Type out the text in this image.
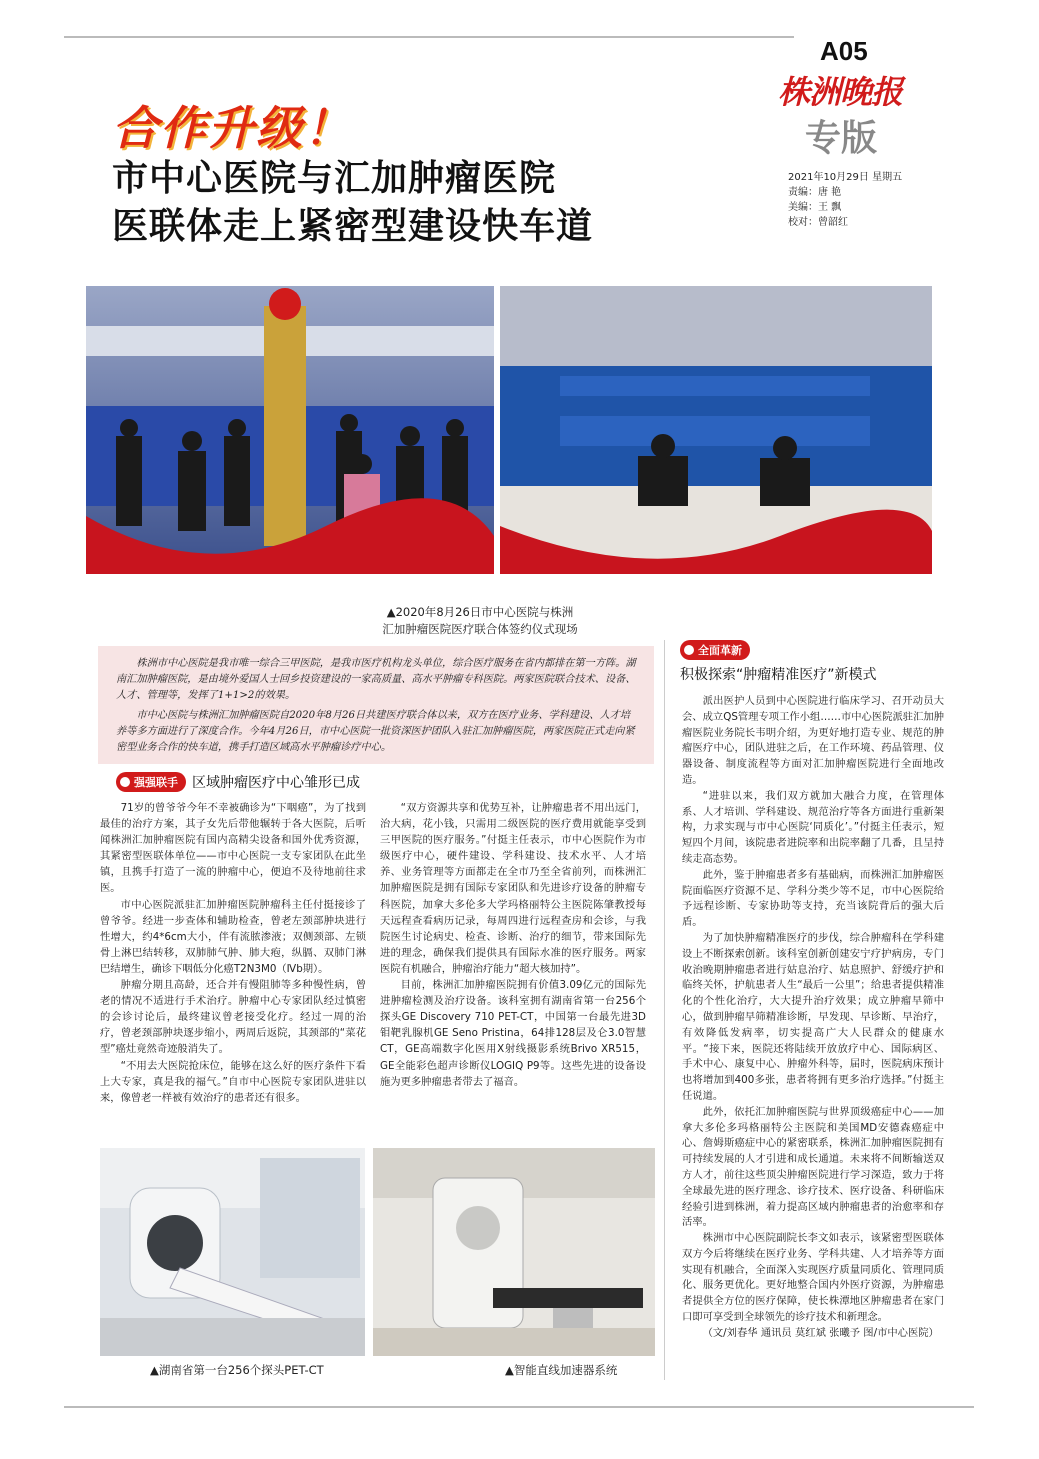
A05
株洲晚报
专版
2021年10月29日 星期五
责编：唐 艳
美编：王 飘
校对：曾韶红
合作升级！
市中心医院与汇加肿瘤医院
医联体走上紧密型建设快车道
▲2020年8月26日市中心医院与株洲
汇加肿瘤医院医疗联合体签约仪式现场

株洲市中心医院是我市唯一综合三甲医院，是我市医疗机构龙头单位，综合医疗服务在省内都排在第一方阵。湖南汇加肿瘤医院，是由境外爱国人士回乡投资建设的一家高质量、高水平肿瘤专科医院。两家医院联合技术、设备、人才、管理等，发挥了1+1>2的效果。

市中心医院与株洲汇加肿瘤医院自2020年8月26日共建医疗联合体以来，双方在医疗业务、学科建设、人才培养等多方面进行了深度合作。今年4月26日，市中心医院一批资深医护团队入驻汇加肿瘤医院，两家医院正式走向紧密型业务合作的快车道，携手打造区域高水平肿瘤诊疗中心。

强强联手 区域肿瘤医疗中心雏形已成

71岁的曾爷爷今年不幸被确诊为“下咽癌”，为了找到最佳的治疗方案，其子女先后带他辗转于各大医院，后听闻株洲汇加肿瘤医院有国内高精尖设备和国外优秀资源，其紧密型医联体单位——市中心医院一支专家团队在此坐镇，且携手打造了一流的肿瘤中心，便迫不及待地前往求医。

市中心医院派驻汇加肿瘤医院肿瘤科主任付挺接诊了曾爷爷。经进一步查体和辅助检查，曾老左颈部肿块进行性增大，约4*6cm大小，伴有流脓渗液；双侧颈部、左锁骨上淋巴结转移，双肺肺气肿、肺大疱，纵膈、双肺门淋巴结增生，确诊下咽低分化癌T2N3M0（Ⅳb期）。

肿瘤分期且高龄，还合并有慢阻肺等多种慢性病，曾老的情况不适进行手术治疗。肿瘤中心专家团队经过慎密的会诊讨论后，最终建议曾老接受化疗。经过一周的治疗，曾老颈部肿块逐步缩小，两周后返院，其颈部的“菜花型”癌灶竟然奇迹般消失了。

“不用去大医院抢床位，能够在这么好的医疗条件下看上大专家，真是我的福气。”自市中心医院专家团队进驻以来，像曾老一样被有效治疗的患者还有很多。

“双方资源共享和优势互补，让肿瘤患者不用出远门，治大病，花小钱，只需用二级医院的医疗费用就能享受到三甲医院的医疗服务。”付挺主任表示，市中心医院作为市级医疗中心，硬件建设、学科建设、技术水平、人才培养、业务管理等方面都走在全市乃至全省前列，而株洲汇加肿瘤医院是拥有国际专家团队和先进诊疗设备的肿瘤专科医院，加拿大多伦多大学玛格丽特公主医院陈肇教授每天远程查看病历记录，每周四进行远程查房和会诊，与我院医生讨论病史、检查、诊断、治疗的细节，带来国际先进的理念，确保我们提供具有国际水准的医疗服务。两家医院有机融合，肿瘤治疗能力“超大核加持”。

目前，株洲汇加肿瘤医院拥有价值3.09亿元的国际先进肿瘤检测及治疗设备。该科室拥有湖南省第一台256个探头GE Discovery 710 PET-CT，中国第一台最先进3D钼靶乳腺机GE Seno Pristina，64排128层及仑3.0智慧CT，GE高端数字化医用X射线摄影系统Brivo XR515，GE全能彩色超声诊断仪LOGIQ P9等。这些先进的设备设施为更多肿瘤患者带去了福音。

▲湖南省第一台256个探头PET-CT	▲智能直线加速器系统
全面革新
积极探索“肿瘤精准医疗”新模式

派出医护人员到中心医院进行临床学习、召开动员大会、成立QS管理专项工作小组……市中心医院派驻汇加肿瘤医院业务院长韦明介绍，为更好地打造专业、规范的肿瘤医疗中心，团队进驻之后，在工作环境、药品管理、仪器设备、制度流程等方面对汇加肿瘤医院进行全面地改造。

“进驻以来，我们双方就加大融合力度，在管理体系、人才培训、学科建设、规范治疗等各方面进行重新架构，力求实现与市中心医院‘同质化’。”付挺主任表示，短短四个月间，该院患者进院率和出院率翻了几番，且呈持续走高态势。

此外，鉴于肿瘤患者多有基础病，而株洲汇加肿瘤医院面临医疗资源不足、学科分类少等不足，市中心医院给予远程诊断、专家协助等支持，充当该院背后的强大后盾。

为了加快肿瘤精准医疗的步伐，综合肿瘤科在学科建设上不断探索创新。该科室创新创建安宁疗护病房，专门收治晚期肿瘤患者进行姑息治疗、姑息照护、舒缓疗护和临终关怀，护航患者人生“最后一公里”；给患者提供精准化的个性化治疗，大大提升治疗效果；成立肿瘤早筛中心，做到肿瘤早筛精准诊断，早发现、早诊断、早治疗，有效降低发病率，切实提高广大人民群众的健康水平。“接下来，医院还将陆续开放放疗中心、国际病区、手术中心、康复中心、肿瘤外科等，届时，医院病床预计也将增加到400多张，患者将拥有更多治疗选择。”付挺主任说道。

此外，依托汇加肿瘤医院与世界顶级癌症中心——加拿大多伦多玛格丽特公主医院和美国MD安德森癌症中心、詹姆斯癌症中心的紧密联系，株洲汇加肿瘤医院拥有可持续发展的人才引进和成长通道。未来将不间断输送双方人才，前往这些顶尖肿瘤医院进行学习深造，致力于将全球最先进的医疗理念、诊疗技术、医疗设备、科研临床经验引进到株洲，着力提高区域内肿瘤患者的治愈率和存活率。

株洲市中心医院副院长李文如表示，该紧密型医联体双方今后将继续在医疗业务、学科共建、人才培养等方面实现有机融合，全面深入实现医疗质量同质化、管理同质化、服务更优化。更好地整合国内外医疗资源，为肿瘤患者提供全方位的医疗保障，使长株潭地区肿瘤患者在家门口即可享受到全球领先的诊疗技术和新理念。

（文/刘春华 通讯员 莫红斌 张曦予 图/市中心医院）
